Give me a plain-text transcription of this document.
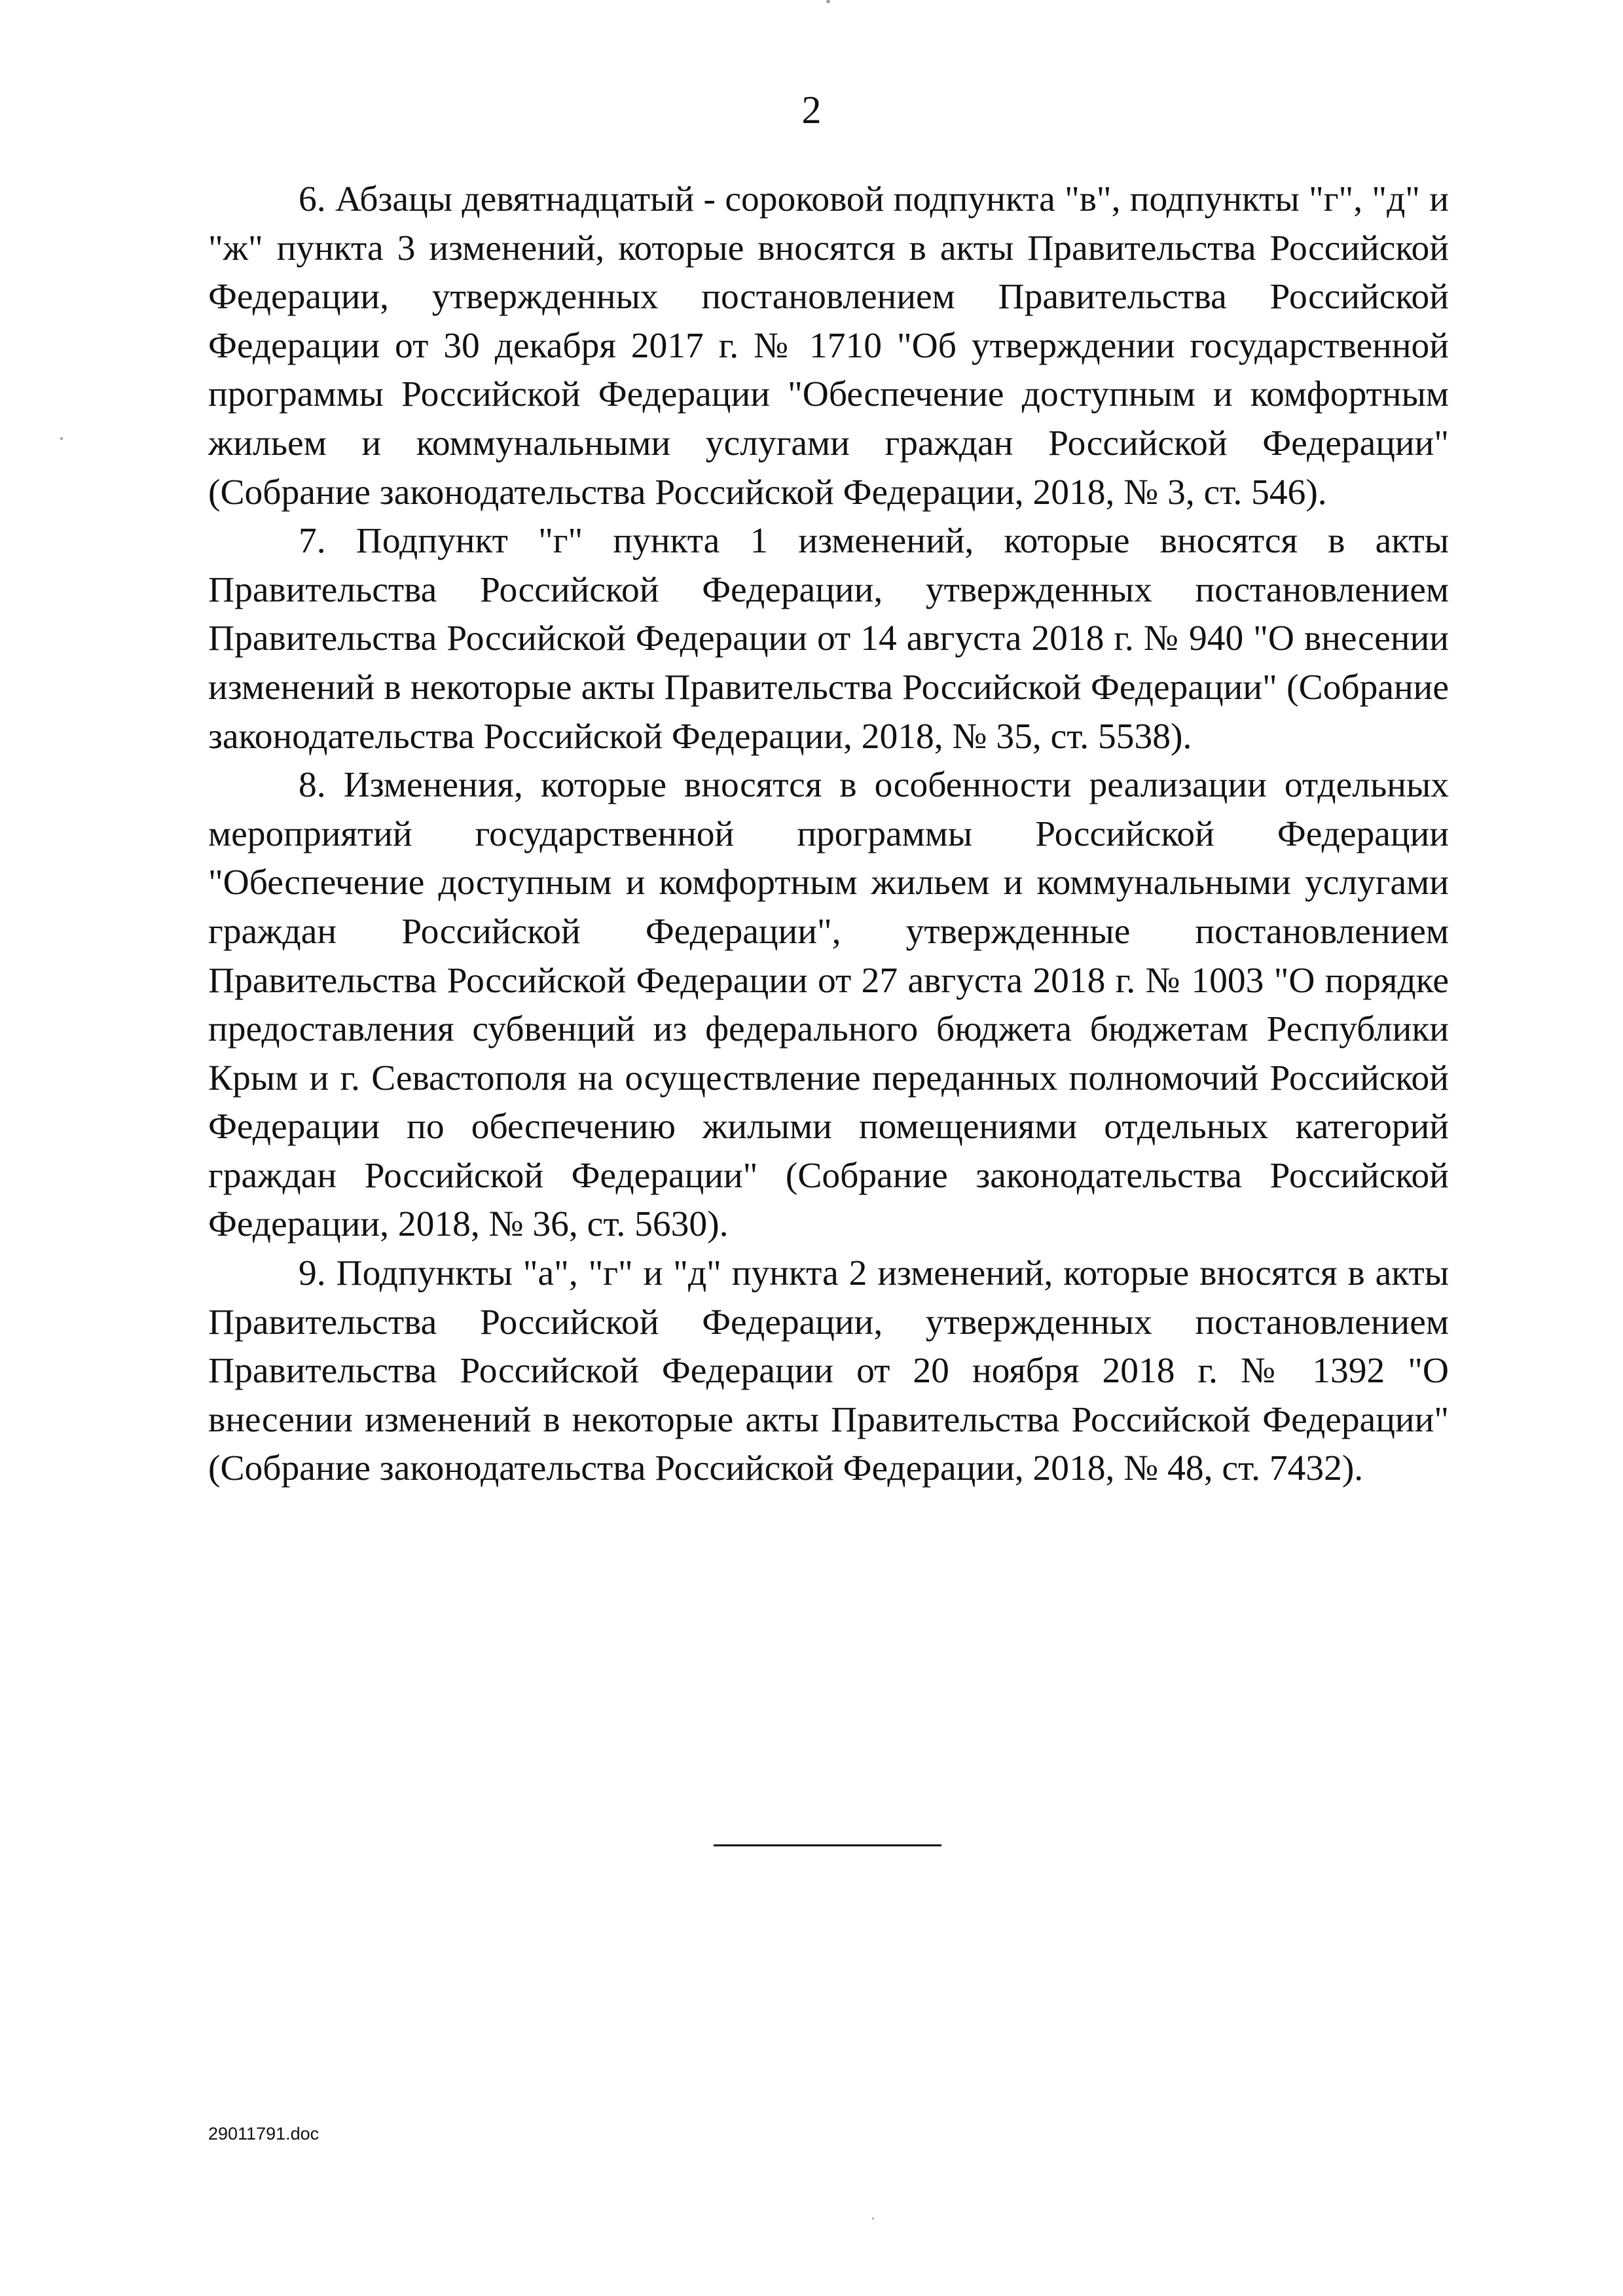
2

6. Абзацы девятнадцатый - сороковой подпункта "в", подпункты "г", "д" и "ж" пункта 3 изменений, которые вносятся в акты Правительства Российской Федерации, утвержденных постановлением Правительства Российской Федерации от 30 декабря 2017 г. № 1710 "Об утверждении государственной программы Российской Федерации "Обеспечение доступным и комфортным жильем и коммунальными услугами граждан Российской Федерации" (Собрание законодательства Российской Федерации, 2018, № 3, ст. 546).

7. Подпункт "г" пункта 1 изменений, которые вносятся в акты Правительства Российской Федерации, утвержденных постановлением Правительства Российской Федерации от 14 августа 2018 г. № 940 "О внесении изменений в некоторые акты Правительства Российской Федерации" (Собрание законодательства Российской Федерации, 2018, № 35, ст. 5538).

8. Изменения, которые вносятся в особенности реализации отдельных мероприятий государственной программы Российской Федерации "Обеспечение доступным и комфортным жильем и коммунальными услугами граждан Российской Федерации", утвержденные постановлением Правительства Российской Федерации от 27 августа 2018 г. № 1003 "О порядке предоставления субвенций из федерального бюджета бюджетам Республики Крым и г. Севастополя на осуществление переданных полномочий Российской Федерации по обеспечению жилыми помещениями отдельных категорий граждан Российской Федерации" (Собрание законодательства Российской Федерации, 2018, № 36, ст. 5630).

9. Подпункты "а", "г" и "д" пункта 2 изменений, которые вносятся в акты Правительства Российской Федерации, утвержденных постановлением Правительства Российской Федерации от 20 ноября 2018 г. № 1392 "О внесении изменений в некоторые акты Правительства Российской Федерации" (Собрание законодательства Российской Федерации, 2018, № 48, ст. 7432).

29011791.doc
